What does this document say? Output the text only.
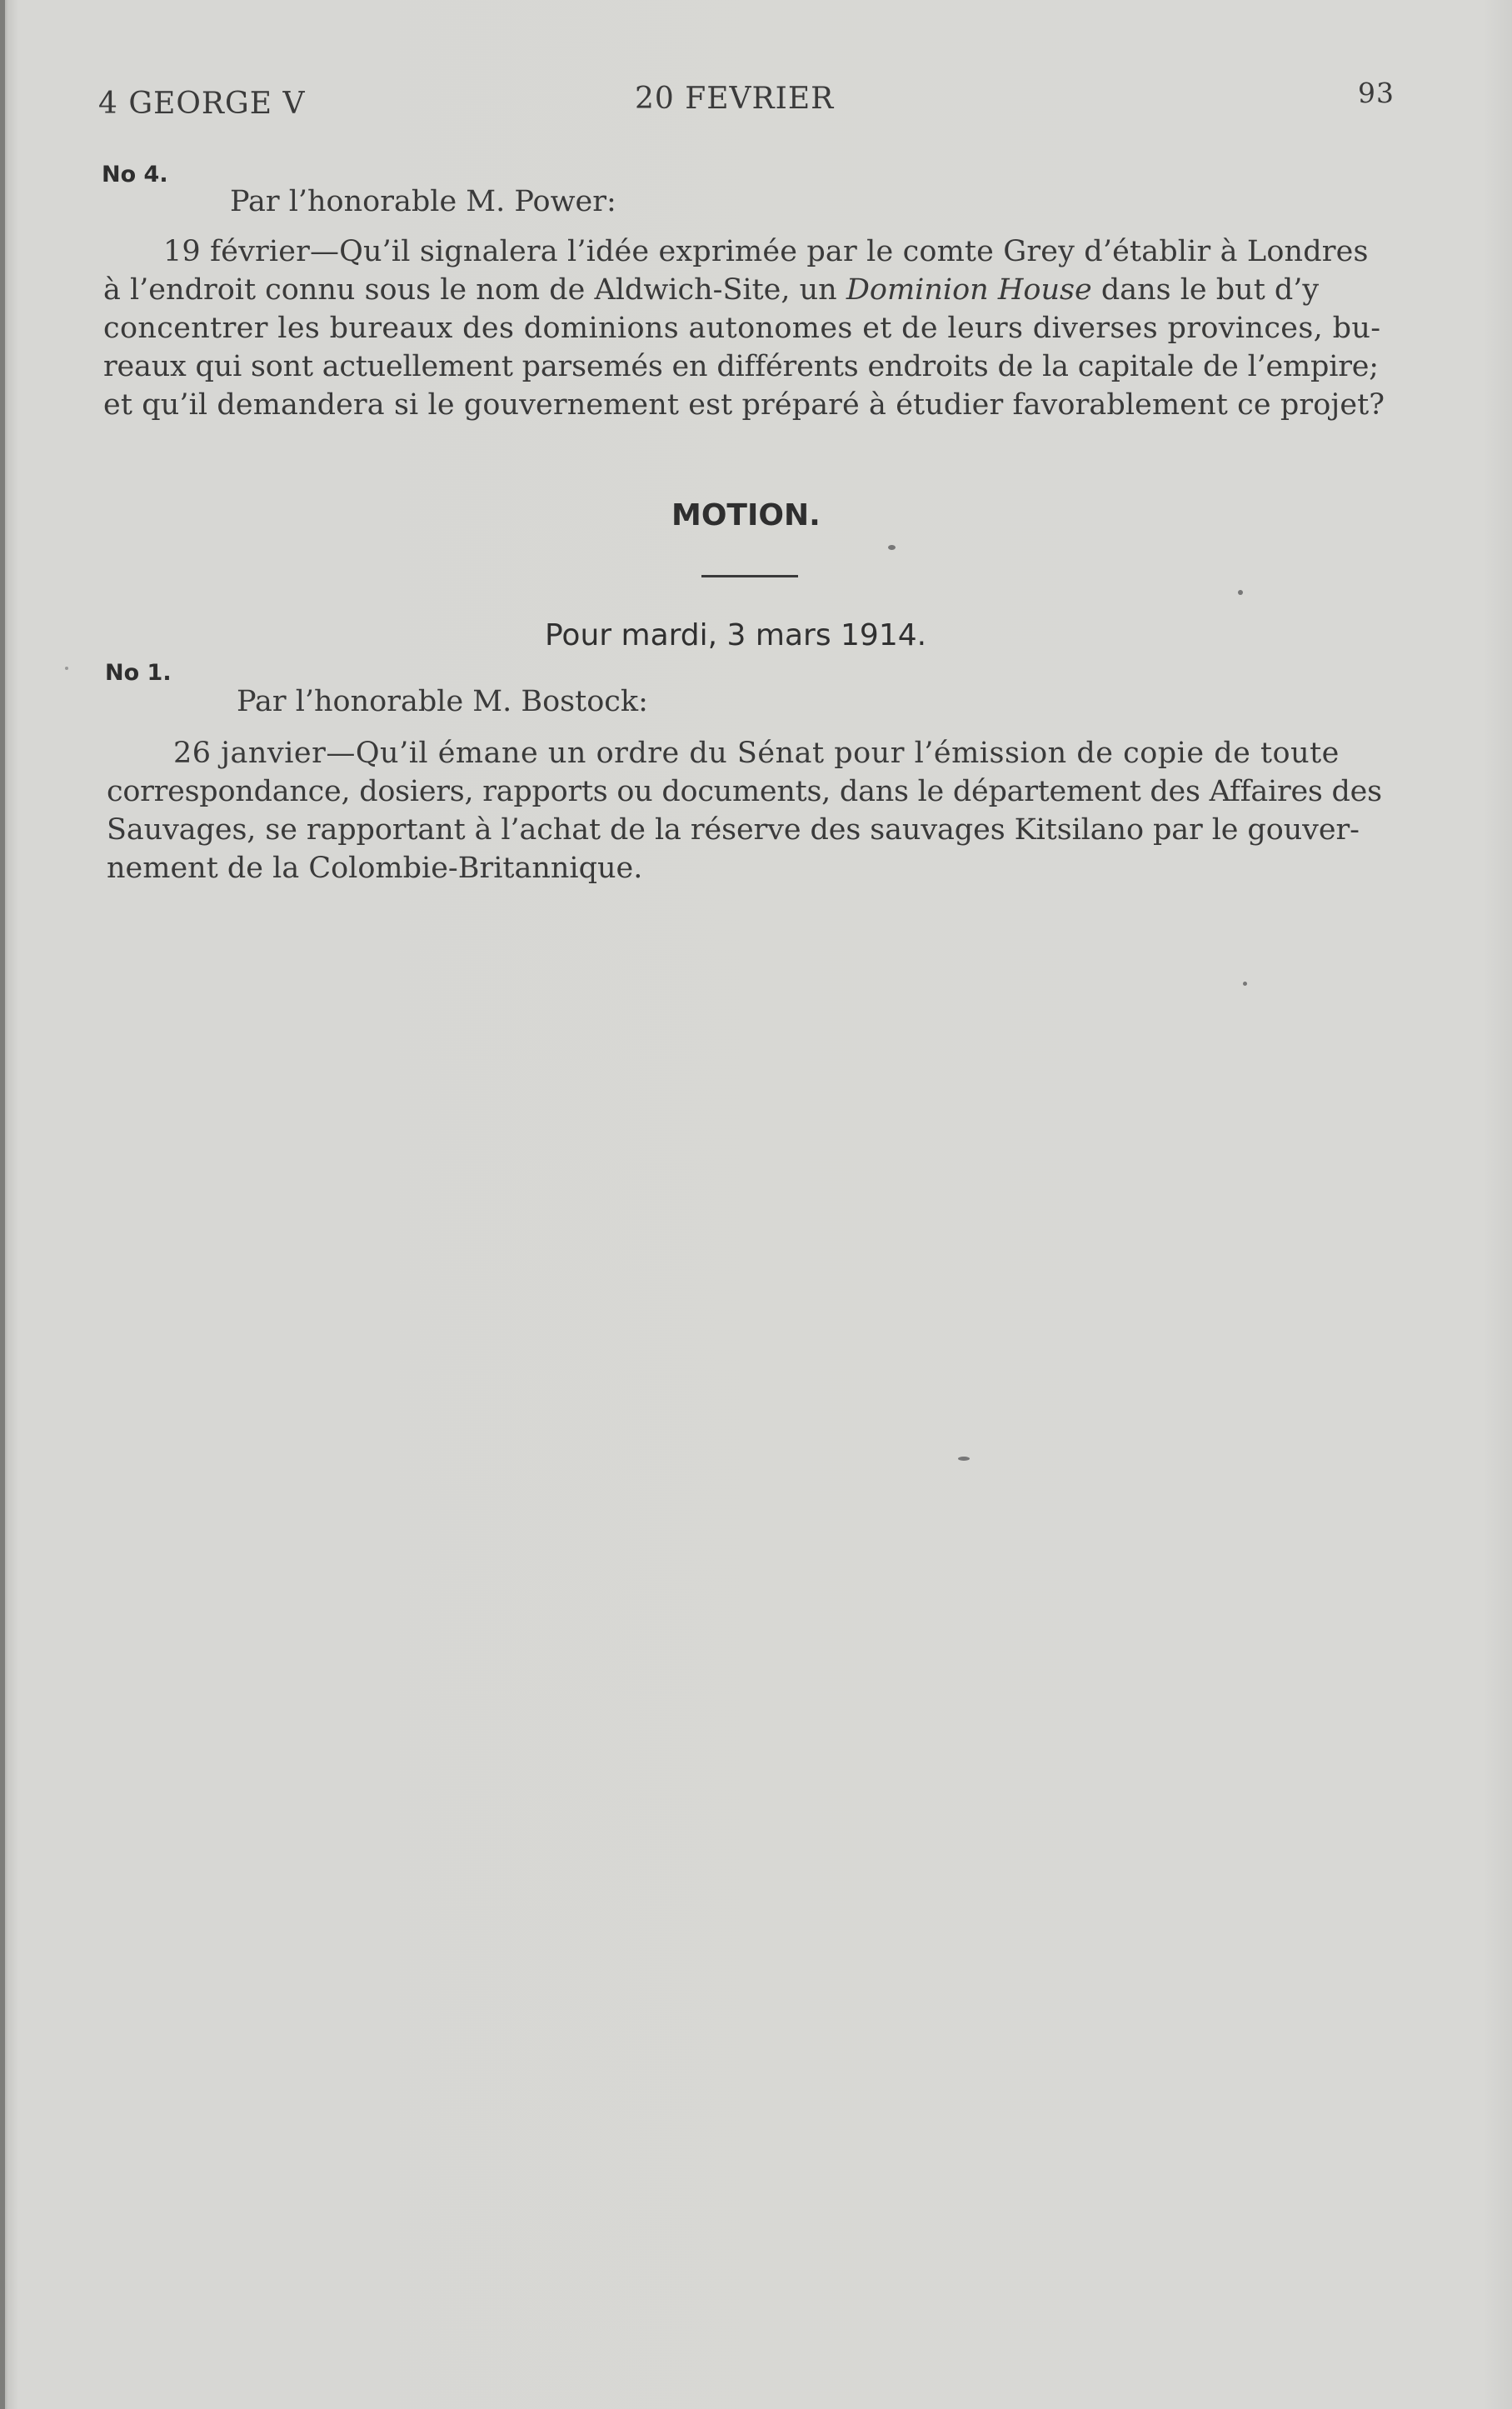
4 GEORGE V	20 FEVRIER	93
No 4.
Par l’honorable M. Power:
19 février—Qu’il signalera l’idée exprimée par le comte Grey d’établir à Londres
à l’endroit connu sous le nom de Aldwich-Site, un Dominion House dans le but d’y
concentrer les bureaux des dominions autonomes et de leurs diverses provinces, bu-
reaux qui sont actuellement parsemés en différents endroits de la capitale de l’empire;
et qu’il demandera si le gouvernement est préparé à étudier favorablement ce projet?
MOTION.
Pour mardi, 3 mars 1914.
No 1.
Par l’honorable M. Bostock:
26 janvier—Qu’il émane un ordre du Sénat pour l’émission de copie de toute
correspondance, dosiers, rapports ou documents, dans le département des Affaires des
Sauvages, se rapportant à l’achat de la réserve des sauvages Kitsilano par le gouver-
nement de la Colombie-Britannique.
